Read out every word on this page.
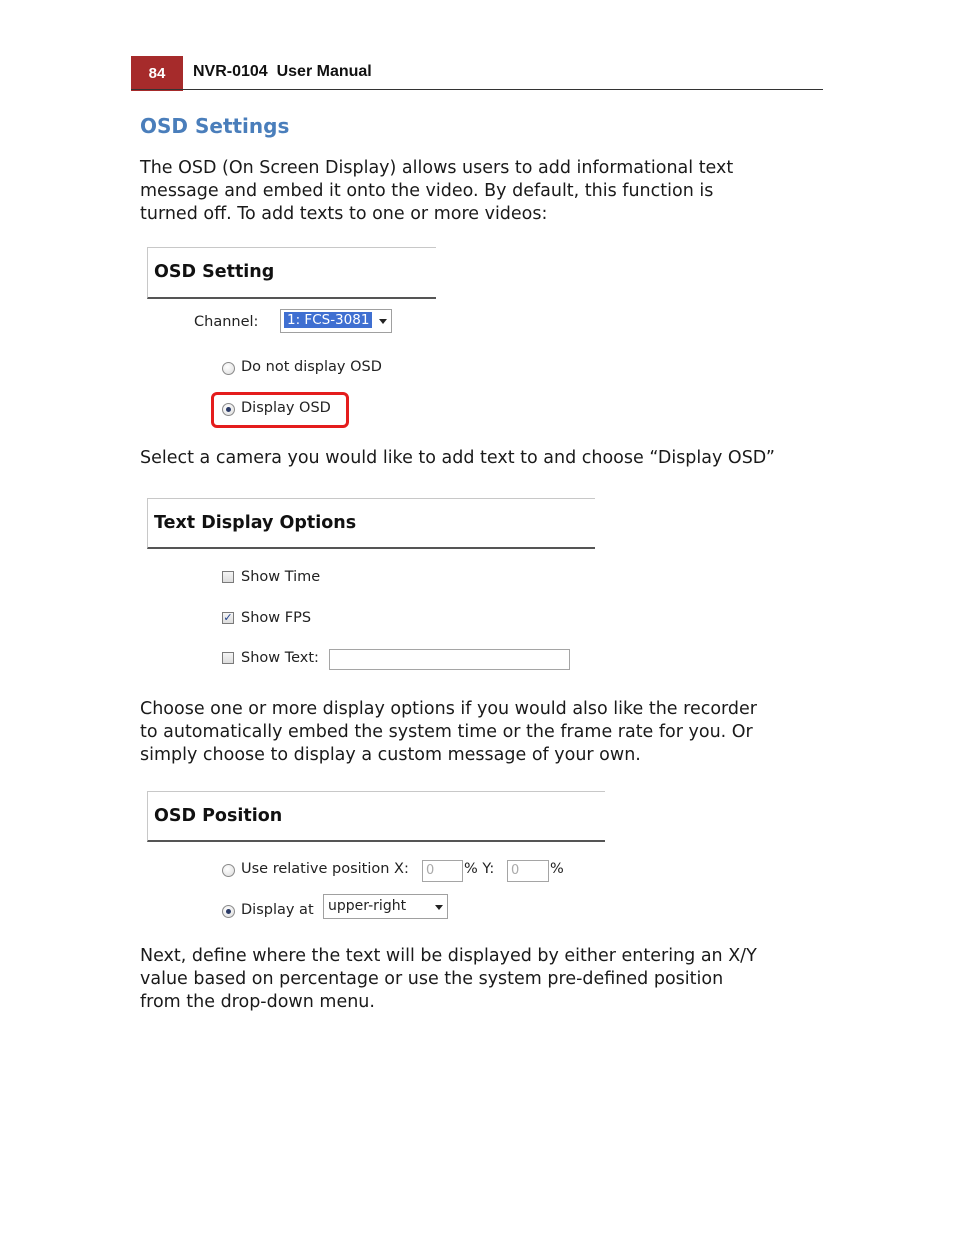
84	NVR-0104  User Manual
OSD Settings
The OSD (On Screen Display) allows users to add informational text
message and embed it onto the video. By default, this function is
turned off. To add texts to one or more videos:
OSD Setting
Channel: 1: FCS-3081
Do not display OSD
Display OSD
Select a camera you would like to add text to and choose “Display OSD”
Text Display Options
Show Time
✓ Show FPS
Show Text:
Choose one or more display options if you would also like the recorder
to automatically embed the system time or the frame rate for you. Or
simply choose to display a custom message of your own.
OSD Position
Use relative position X:	0	% Y:	0	%
Display at upper-right
Next, define where the text will be displayed by either entering an X/Y
value based on percentage or use the system pre-defined position
from the drop-down menu.
